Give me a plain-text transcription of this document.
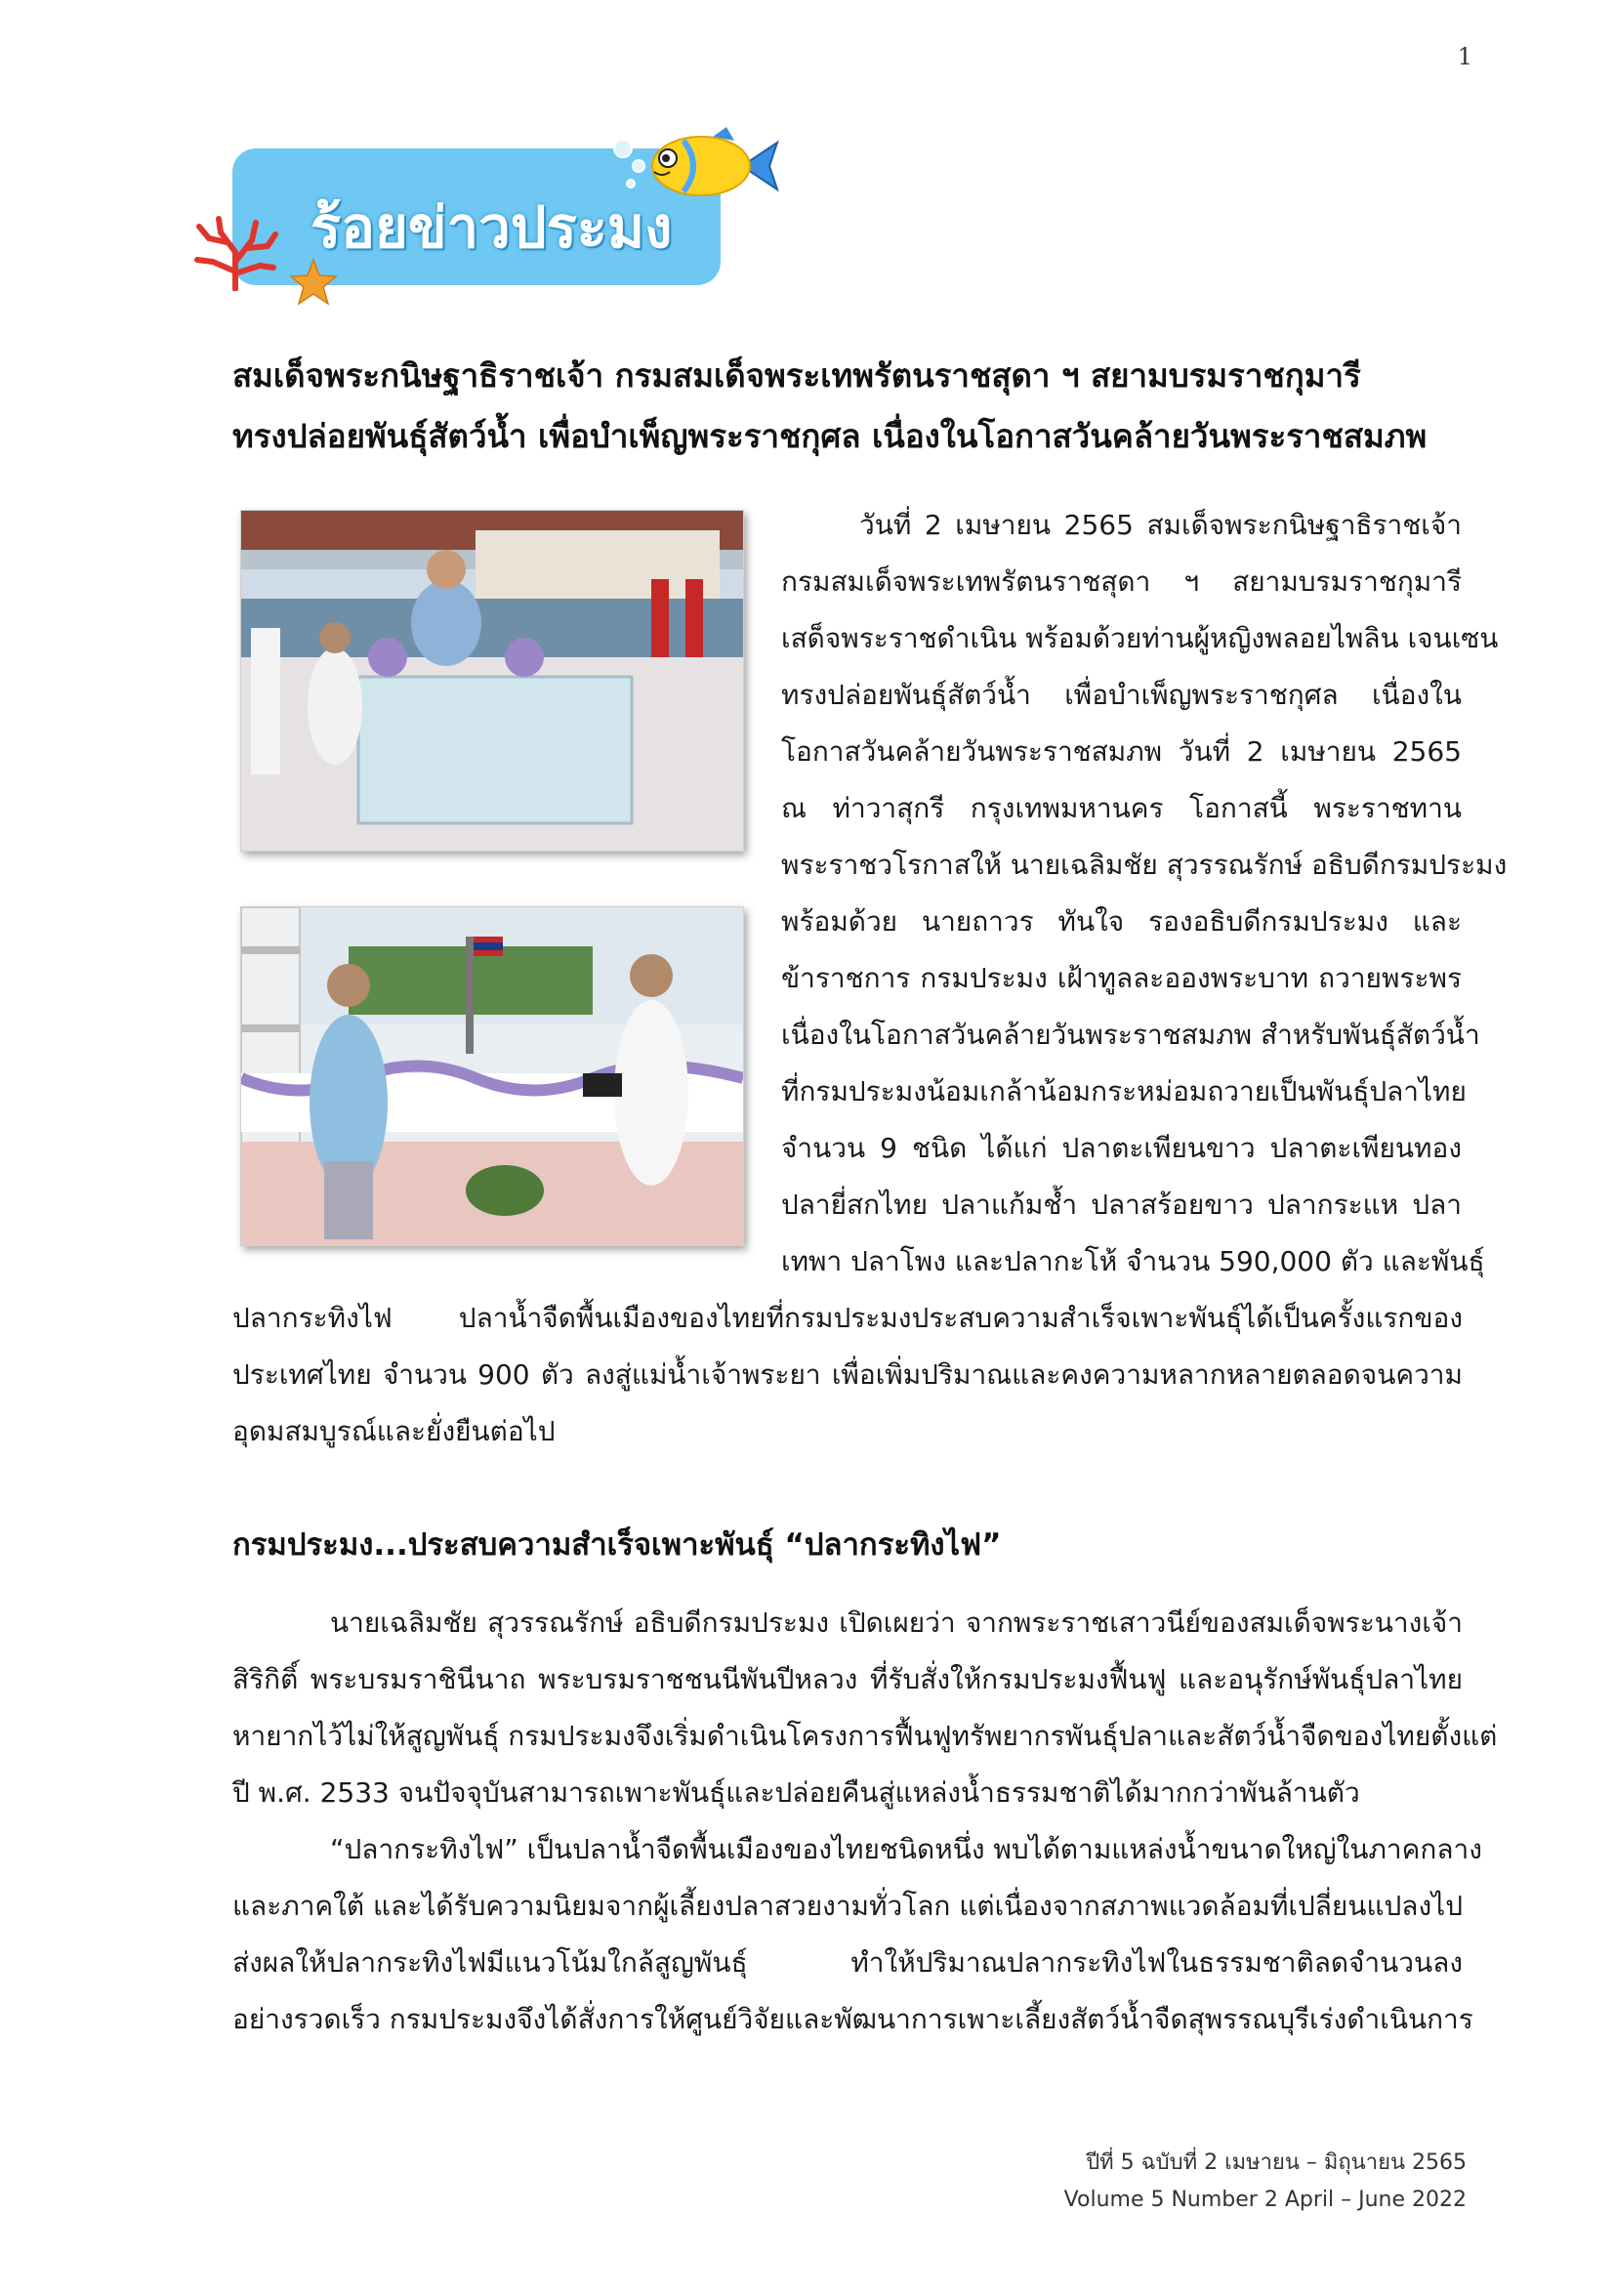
1
ร้อยข่าวประมง
สมเด็จพระกนิษฐาธิราชเจ้า กรมสมเด็จพระเทพรัตนราชสุดา ฯ สยามบรมราชกุมารี
ทรงปล่อยพันธุ์สัตว์น้ำ เพื่อบำเพ็ญพระราชกุศล เนื่องในโอกาสวันคล้ายวันพระราชสมภพ
วันที่ 2 เมษายน 2565 สมเด็จพระกนิษฐาธิราชเจ้า
กรมสมเด็จพระเทพรัตนราชสุดา ฯ สยามบรมราชกุมารี
เสด็จพระราชดำเนิน พร้อมด้วยท่านผู้หญิงพลอยไพลิน เจนเซน
ทรงปล่อยพันธุ์สัตว์น้ำ เพื่อบำเพ็ญพระราชกุศล เนื่องใน
โอกาสวันคล้ายวันพระราชสมภพ วันที่ 2 เมษายน 2565
ณ ท่าวาสุกรี กรุงเทพมหานคร โอกาสนี้ พระราชทาน
พระราชวโรกาสให้ นายเฉลิมชัย สุวรรณรักษ์ อธิบดีกรมประมง
พร้อมด้วย นายถาวร ทันใจ รองอธิบดีกรมประมง และ
ข้าราชการ กรมประมง เฝ้าทูลละอองพระบาท ถวายพระพร
เนื่องในโอกาสวันคล้ายวันพระราชสมภพ สำหรับพันธุ์สัตว์น้ำ
ที่กรมประมงน้อมเกล้าน้อมกระหม่อมถวายเป็นพันธุ์ปลาไทย
จำนวน 9 ชนิด ได้แก่ ปลาตะเพียนขาว ปลาตะเพียนทอง
ปลายี่สกไทย ปลาแก้มช้ำ ปลาสร้อยขาว ปลากระแห ปลา
เทพา ปลาโพง และปลากะโห้ จำนวน 590,000 ตัว และพันธุ์
ปลากระทิงไฟ ปลาน้ำจืดพื้นเมืองของไทยที่กรมประมงประสบความสำเร็จเพาะพันธุ์ได้เป็นครั้งแรกของ
ประเทศไทย จำนวน 900 ตัว ลงสู่แม่น้ำเจ้าพระยา เพื่อเพิ่มปริมาณและคงความหลากหลายตลอดจนความ
อุดมสมบูรณ์และยั่งยืนต่อไป
กรมประมง...ประสบความสำเร็จเพาะพันธุ์ “ปลากระทิงไฟ”
นายเฉลิมชัย สุวรรณรักษ์ อธิบดีกรมประมง เปิดเผยว่า จากพระราชเสาวนีย์ของสมเด็จพระนางเจ้า
สิริกิติ์ พระบรมราชินีนาถ พระบรมราชชนนีพันปีหลวง ที่รับสั่งให้กรมประมงฟื้นฟู และอนุรักษ์พันธุ์ปลาไทย
หายากไว้ไม่ให้สูญพันธุ์ กรมประมงจึงเริ่มดำเนินโครงการฟื้นฟูทรัพยากรพันธุ์ปลาและสัตว์น้ำจืดของไทยตั้งแต่
ปี พ.ศ. 2533 จนปัจจุบันสามารถเพาะพันธุ์และปล่อยคืนสู่แหล่งน้ำธรรมชาติได้มากกว่าพันล้านตัว
“ปลากระทิงไฟ” เป็นปลาน้ำจืดพื้นเมืองของไทยชนิดหนึ่ง พบได้ตามแหล่งน้ำขนาดใหญ่ในภาคกลาง
และภาคใต้ และได้รับความนิยมจากผู้เลี้ยงปลาสวยงามทั่วโลก แต่เนื่องจากสภาพแวดล้อมที่เปลี่ยนแปลงไป
ส่งผลให้ปลากระทิงไฟมีแนวโน้มใกล้สูญพันธุ์ ทำให้ปริมาณปลากระทิงไฟในธรรมชาติลดจำนวนลง
อย่างรวดเร็ว กรมประมงจึงได้สั่งการให้ศูนย์วิจัยและพัฒนาการเพาะเลี้ยงสัตว์น้ำจืดสุพรรณบุรีเร่งดำเนินการ
ปีที่ 5 ฉบับที่ 2 เมษายน – มิถุนายน 2565
Volume 5 Number 2 April – June 2022
